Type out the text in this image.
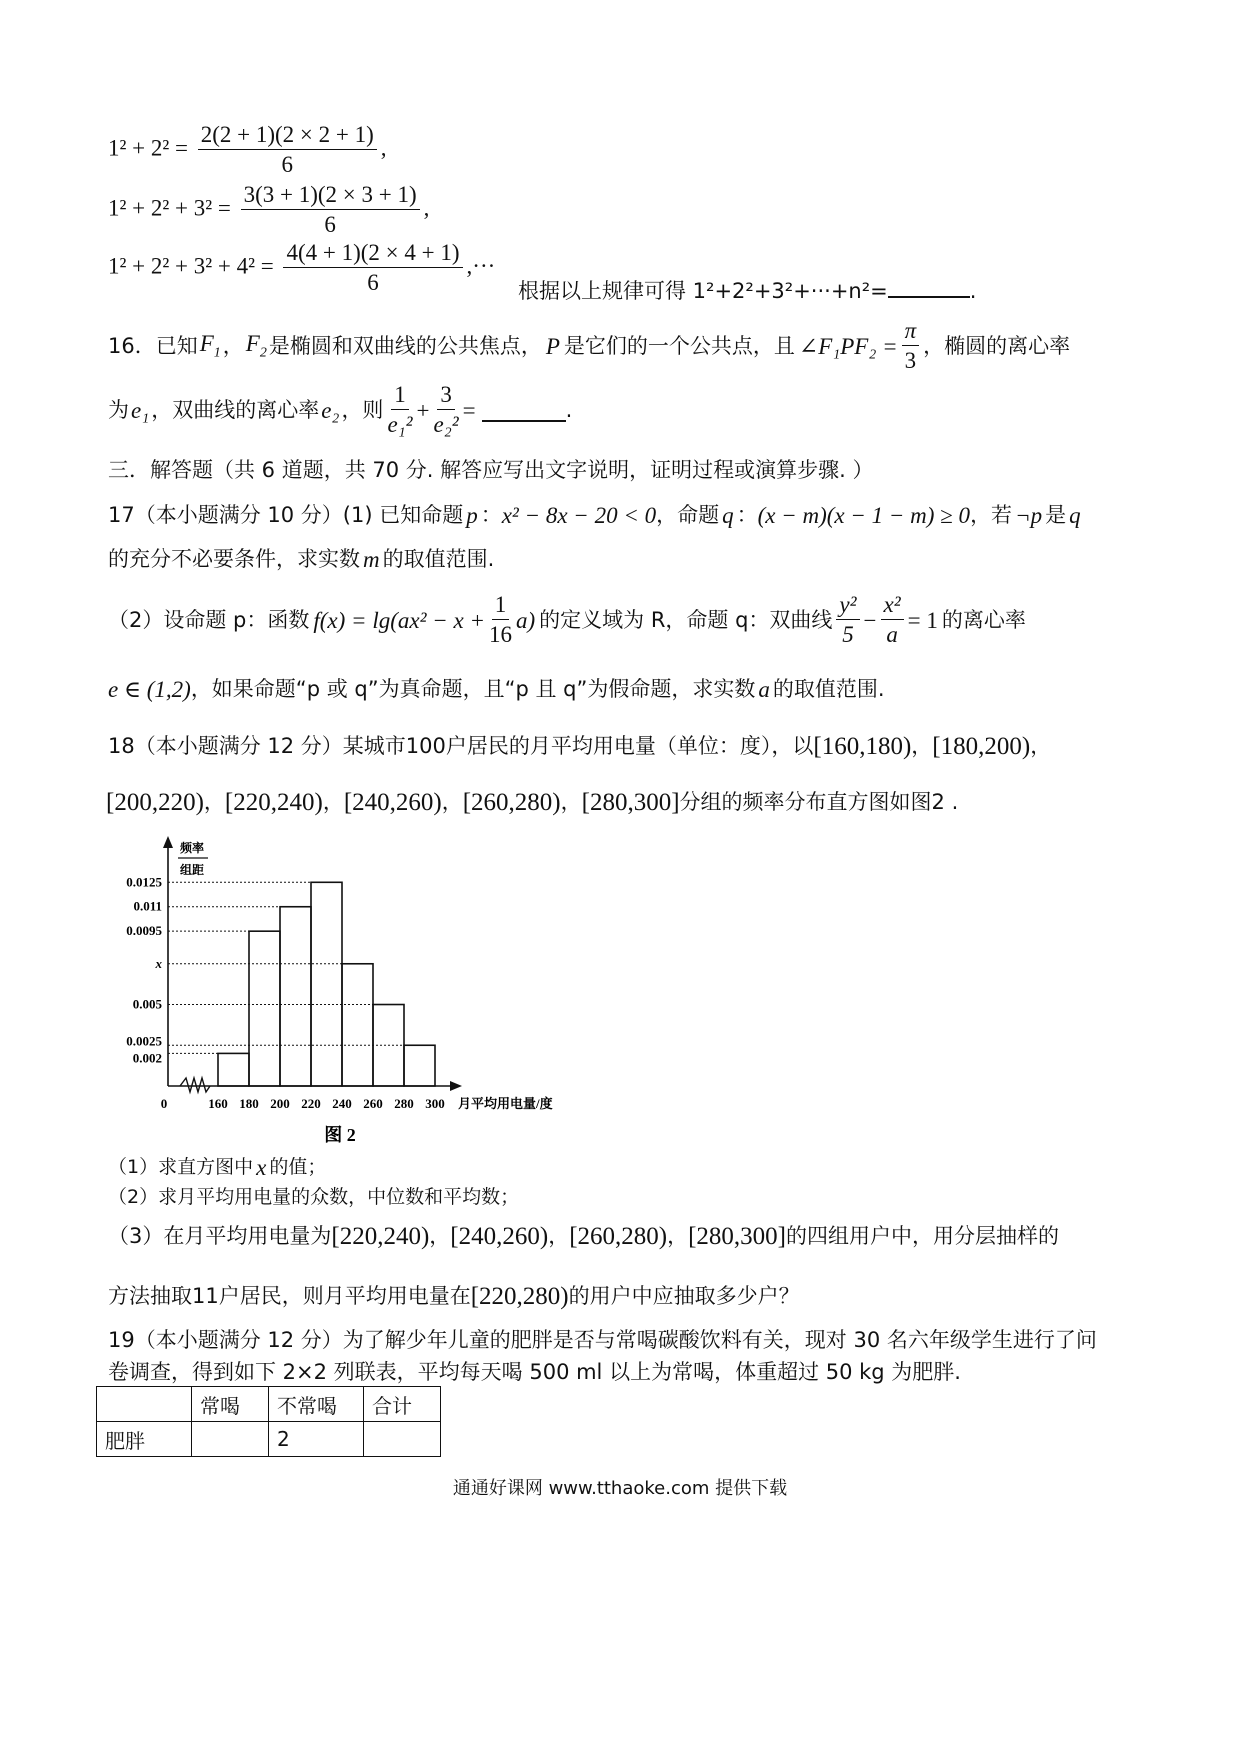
$1^2 + 2^2 = \frac{2(2 + 1)(2 \times 2 + 1)}{6}$ ,
$1^2 + 2^2 + 3^2 = \frac{3(3 + 1)(2 \times 3 + 1)}{6}$ ,
$1^2 + 2^2 + 3^2 + 4^2 = \frac{4(4 + 1)(2 \times 4 + 1)}{6}$ ,···
根据以上规律可得 1²+2²+3²+···+n²=	.
16．已知 $F_1$ ， $F_2$ 是椭圆和双曲线的公共焦点， P 是它们的一个公共点，且 ∠F₁PF₂ = $\frac{\pi}{3}$ ，椭圆的离心率
为 e₁ ，双曲线的离心率 e₂ ，则 $\frac{1}{\text{e₁²}} + \frac{3}{\text{e₂²}}$ =	.
三．解答题（共 6 道题，共 70 分. 解答应写出文字说明，证明过程或演算步骤. ）
17（本小题满分 10 分）(1) 已知命题 p ： x² − 8x − 20 < 0 ，命题 q ： (x − m)(x − 1 − m) ≥ 0 ，若 ¬p 是 q
的充分不必要条件，求实数 m 的取值范围.
（2）设命题 p：函数 $f(x) = \lg(ax^2 - x + \frac{1}{16} a)$ 的定义域为 R，命题 q：双曲线 $\frac{\text{y²}}{5} - \frac{\text{x²}}{a} = 1$ 的离心率
e ∈ (1,2) ，如果命题“p 或 q”为真命题，且“p 且 q”为假命题，求实数 a 的取值范围.
18（本小题满分 12 分）某城市100户居民的月平均用电量（单位：度），以 [160,180) ， [180,200) ，
[200,220) ， [220,240) ， [240,260) ， [260,280) ， [280,300] 分组的频率分布直方图如图2 .
0.0125
0.011
0.0095
x
0.005
0.0025
0.002
160 180 200 220 240 260 280 300
0	月平均用电量/度
频率
组距
图 2
（1）求直方图中 x 的值；
（2）求月平均用电量的众数，中位数和平均数；
（3）在月平均用电量为 [220,240) ， [240,260) ， [260,280) ， [280,300] 的四组用户中，用分层抽样的
方法抽取11户居民，则月平均用电量在 [220,280) 的用户中应抽取多少户？
19（本小题满分 12 分）为了解少年儿童的肥胖是否与常喝碳酸饮料有关，现对 30 名六年级学生进行了问
卷调查，得到如下 2×2 列联表，平均每天喝 500 ml 以上为常喝，体重超过 50 kg 为肥胖.
	常喝	不常喝	合计
肥胖		2	
通通好课网 www.tthaoke.com 提供下载
